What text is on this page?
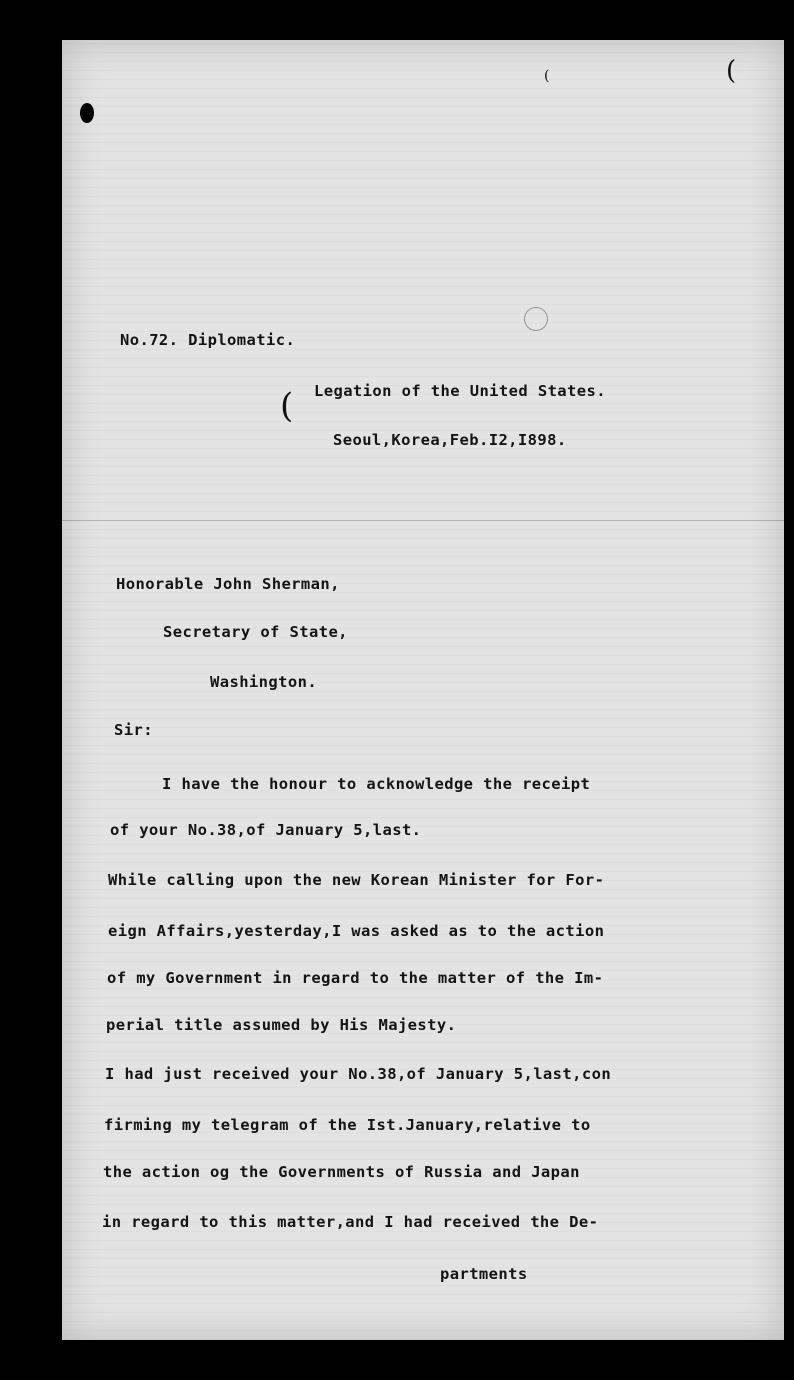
(
(
(
No.72. Diplomatic.
Legation of the United States.
Seoul,Korea,Feb.I2,I898.
Honorable John Sherman,
Secretary of State,
Washington.
Sir:
I have the honour to acknowledge the receipt
of your No.38,of January 5,last.
While calling upon the new Korean Minister for For-
eign Affairs,yesterday,I was asked as to the action
of my Government in regard to the matter of the Im-
perial title assumed by His Majesty.
I had just received your No.38,of January 5,last,con
firming my telegram of the Ist.January,relative to
the action og the Governments of Russia and Japan
in regard to this matter,and I had received the De-
partments
